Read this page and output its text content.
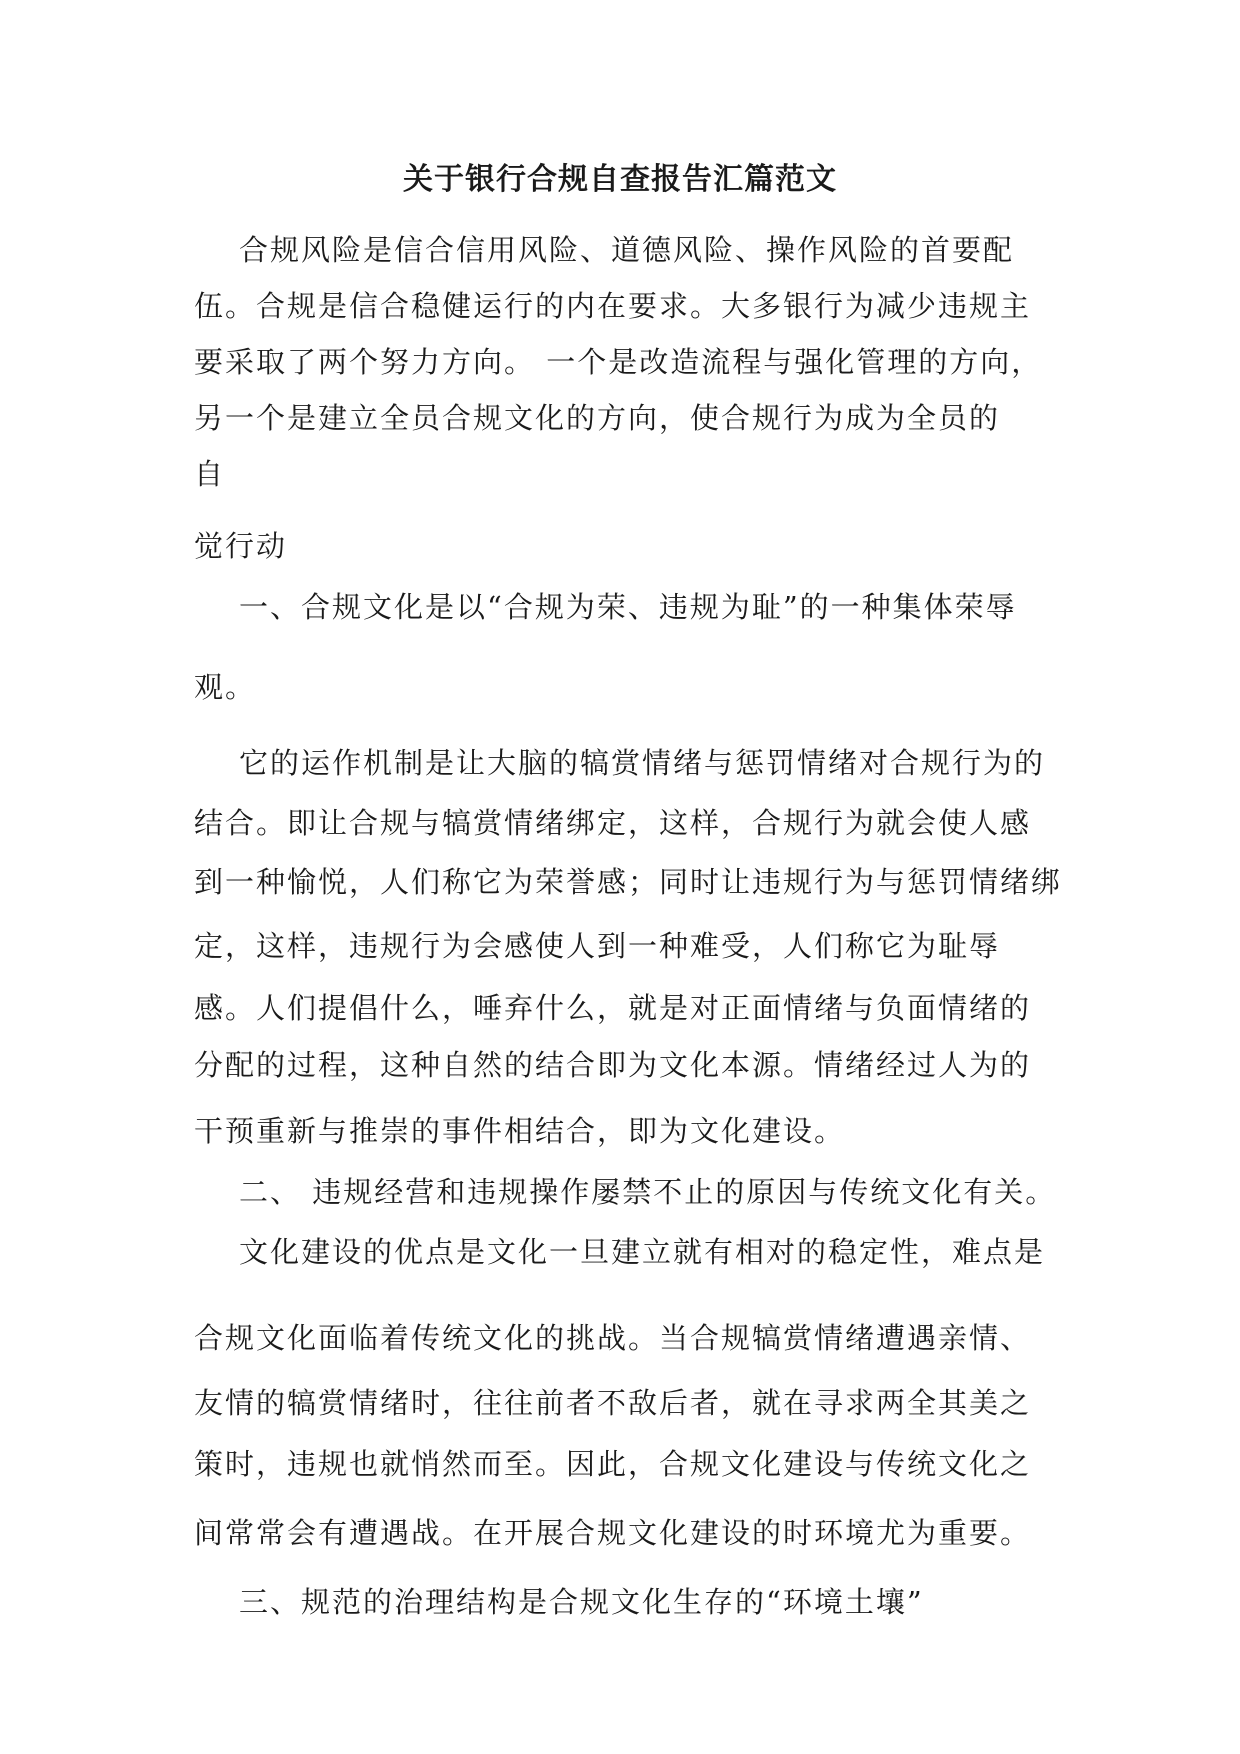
关于银行合规自查报告汇篇范文
合规风险是信合信用风险、道德风险、操作风险的首要配
伍。合规是信合稳健运行的内在要求。大多银行为减少违规主
要采取了两个努力方向。 一个是改造流程与强化管理的方向，
另一个是建立全员合规文化的方向，使合规行为成为全员的
自
觉行动
一、合规文化是以“合规为荣、违规为耻”的一种集体荣辱
观。
它的运作机制是让大脑的犒赏情绪与惩罚情绪对合规行为的
结合。即让合规与犒赏情绪绑定，这样，合规行为就会使人感
到一种愉悦，人们称它为荣誉感；同时让违规行为与惩罚情绪绑
定，这样，违规行为会感使人到一种难受，人们称它为耻辱
感。人们提倡什么，唾弃什么，就是对正面情绪与负面情绪的
分配的过程，这种自然的结合即为文化本源。情绪经过人为的
干预重新与推崇的事件相结合，即为文化建设。
二、 违规经营和违规操作屡禁不止的原因与传统文化有关。
文化建设的优点是文化一旦建立就有相对的稳定性，难点是
合规文化面临着传统文化的挑战。当合规犒赏情绪遭遇亲情、
友情的犒赏情绪时，往往前者不敌后者，就在寻求两全其美之
策时，违规也就悄然而至。因此，合规文化建设与传统文化之
间常常会有遭遇战。在开展合规文化建设的时环境尤为重要。
三、规范的治理结构是合规文化生存的“环境土壤”
